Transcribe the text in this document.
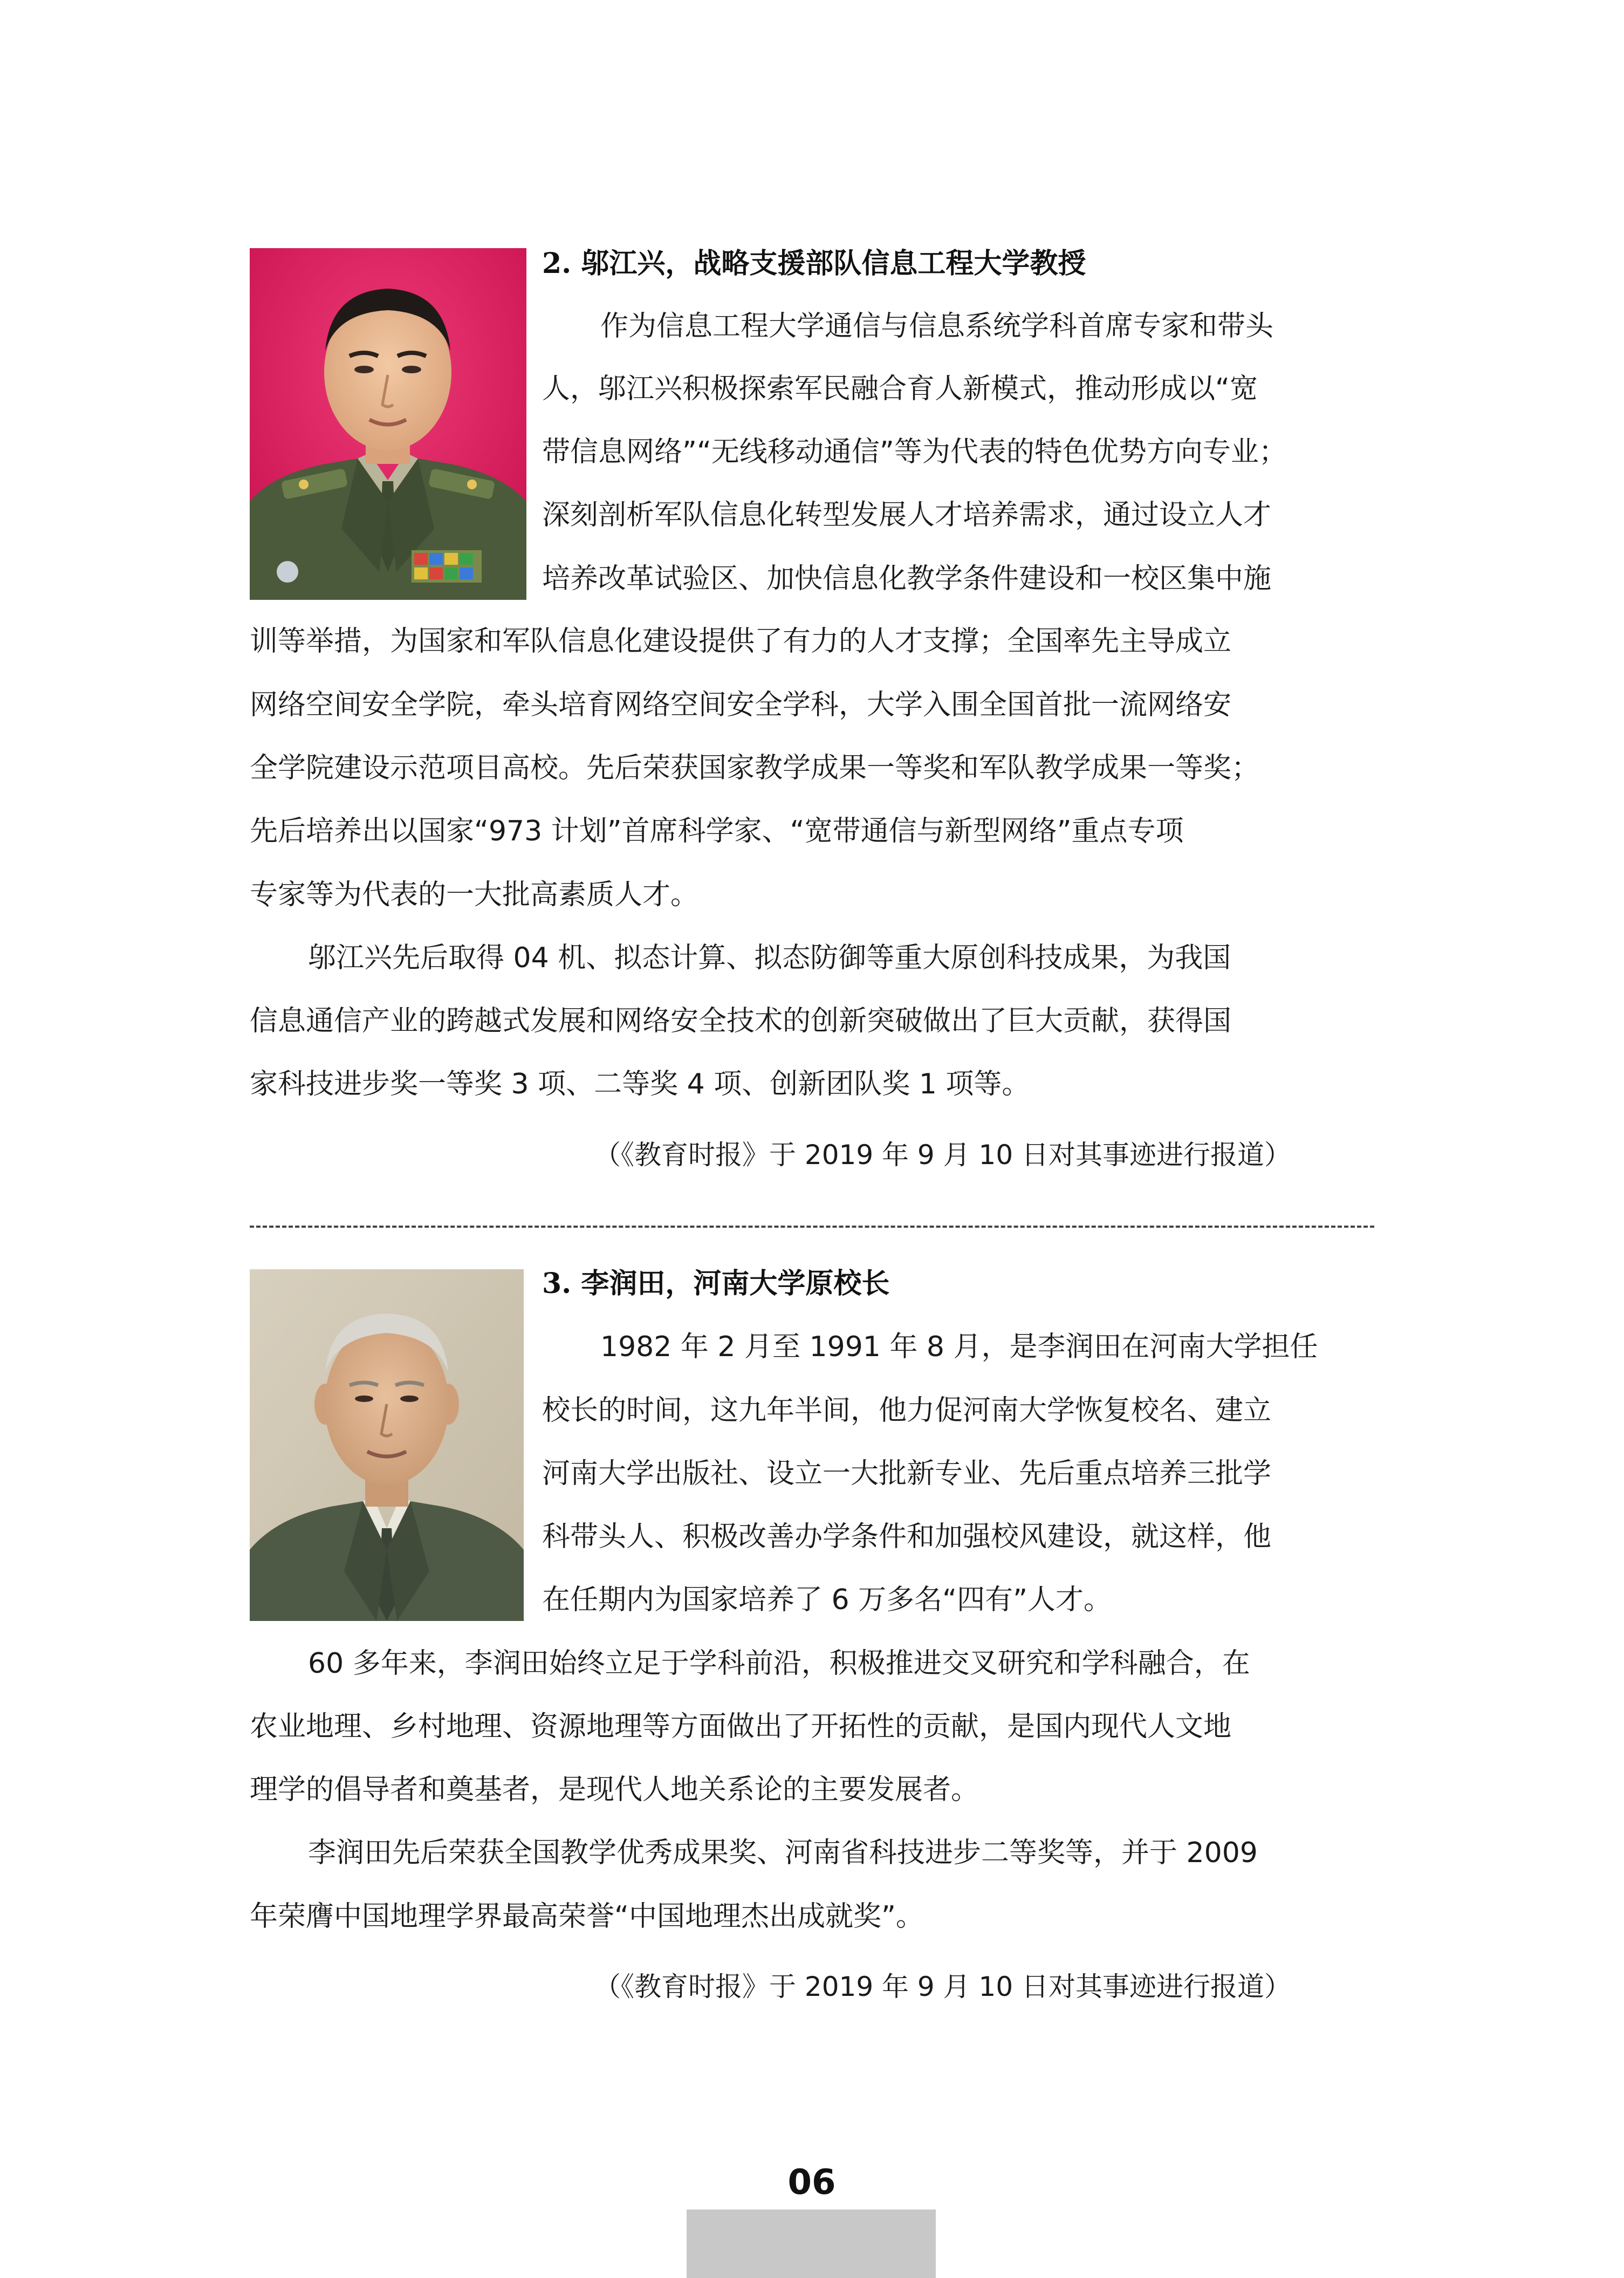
2. 邬江兴，战略支援部队信息工程大学教授
作为信息工程大学通信与信息系统学科首席专家和带头
人，邬江兴积极探索军民融合育人新模式，推动形成以“宽
带信息网络”“无线移动通信”等为代表的特色优势方向专业；
深刻剖析军队信息化转型发展人才培养需求，通过设立人才
培养改革试验区、加快信息化教学条件建设和一校区集中施
训等举措，为国家和军队信息化建设提供了有力的人才支撑；全国率先主导成立
网络空间安全学院，牵头培育网络空间安全学科，大学入围全国首批一流网络安
全学院建设示范项目高校。先后荣获国家教学成果一等奖和军队教学成果一等奖；
先后培养出以国家“973 计划”首席科学家、“宽带通信与新型网络”重点专项
专家等为代表的一大批高素质人才。
邬江兴先后取得 04 机、拟态计算、拟态防御等重大原创科技成果，为我国
信息通信产业的跨越式发展和网络安全技术的创新突破做出了巨大贡献，获得国
家科技进步奖一等奖 3 项、二等奖 4 项、创新团队奖 1 项等。
（《教育时报》于 2019 年 9 月 10 日对其事迹进行报道）
3. 李润田，河南大学原校长
1982 年 2 月至 1991 年 8 月，是李润田在河南大学担任
校长的时间，这九年半间，他力促河南大学恢复校名、建立
河南大学出版社、设立一大批新专业、先后重点培养三批学
科带头人、积极改善办学条件和加强校风建设，就这样，他
在任期内为国家培养了 6 万多名“四有”人才。
60 多年来，李润田始终立足于学科前沿，积极推进交叉研究和学科融合，在
农业地理、乡村地理、资源地理等方面做出了开拓性的贡献，是国内现代人文地
理学的倡导者和奠基者，是现代人地关系论的主要发展者。
李润田先后荣获全国教学优秀成果奖、河南省科技进步二等奖等，并于 2009
年荣膺中国地理学界最高荣誉“中国地理杰出成就奖”。
（《教育时报》于 2019 年 9 月 10 日对其事迹进行报道）
06
